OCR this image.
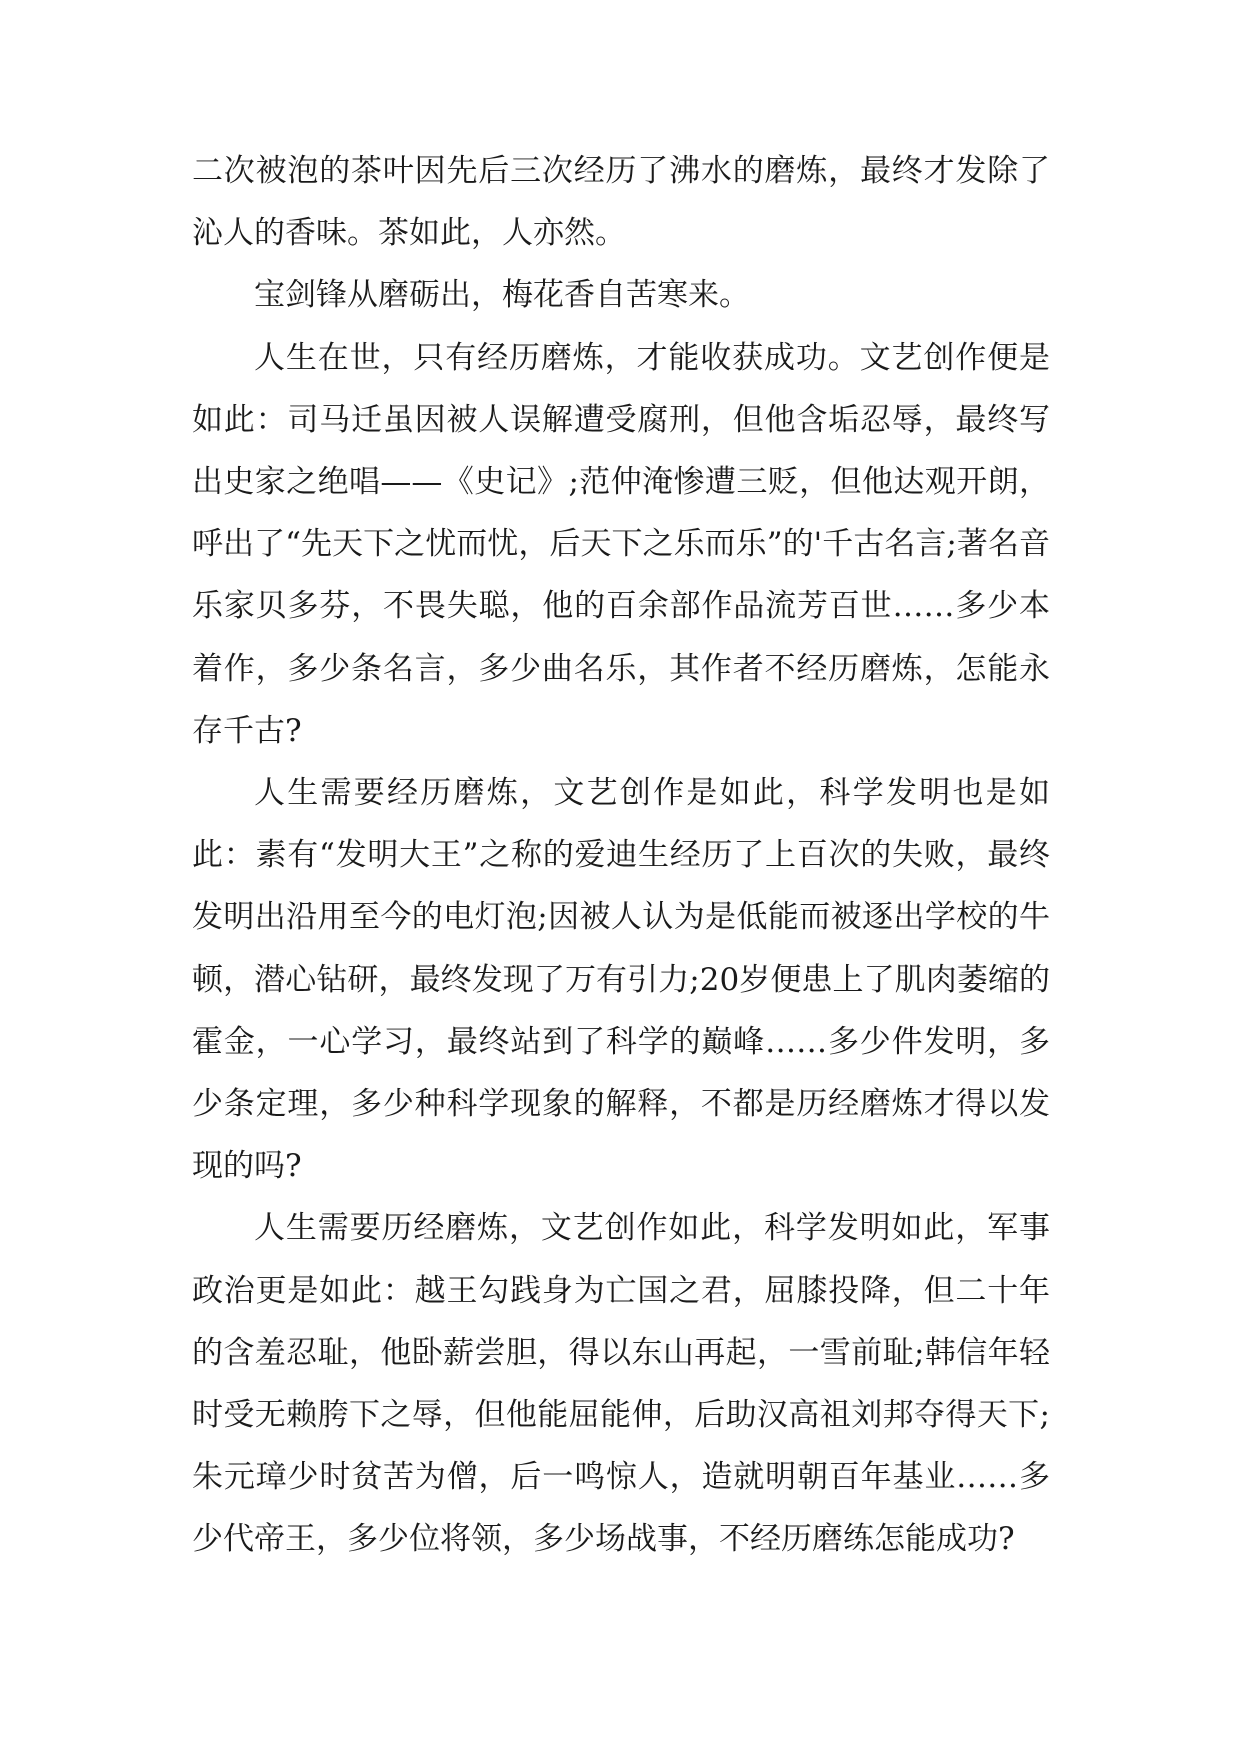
二次被泡的茶叶因先后三次经历了沸水的磨炼，最终才发除了沁人的香味。茶如此，人亦然。

宝剑锋从磨砺出，梅花香自苦寒来。

人生在世，只有经历磨炼，才能收获成功。文艺创作便是如此：司马迁虽因被人误解遭受腐刑，但他含垢忍辱，最终写出史家之绝唱——《史记》;范仲淹惨遭三贬，但他达观开朗，呼出了“先天下之忧而忧，后天下之乐而乐”的'千古名言;著名音乐家贝多芬，不畏失聪，他的百余部作品流芳百世……多少本着作，多少条名言，多少曲名乐，其作者不经历磨炼，怎能永存千古?

人生需要经历磨炼，文艺创作是如此，科学发明也是如此：素有“发明大王”之称的爱迪生经历了上百次的失败，最终发明出沿用至今的电灯泡;因被人认为是低能而被逐出学校的牛顿，潜心钻研，最终发现了万有引力;20岁便患上了肌肉萎缩的霍金，一心学习，最终站到了科学的巅峰……多少件发明，多少条定理，多少种科学现象的解释，不都是历经磨炼才得以发现的吗?

人生需要历经磨炼，文艺创作如此，科学发明如此，军事政治更是如此：越王勾践身为亡国之君，屈膝投降，但二十年的含羞忍耻，他卧薪尝胆，得以东山再起，一雪前耻;韩信年轻时受无赖胯下之辱，但他能屈能伸，后助汉高祖刘邦夺得天下;朱元璋少时贫苦为僧，后一鸣惊人，造就明朝百年基业……多少代帝王，多少位将领，多少场战事，不经历磨练怎能成功?
